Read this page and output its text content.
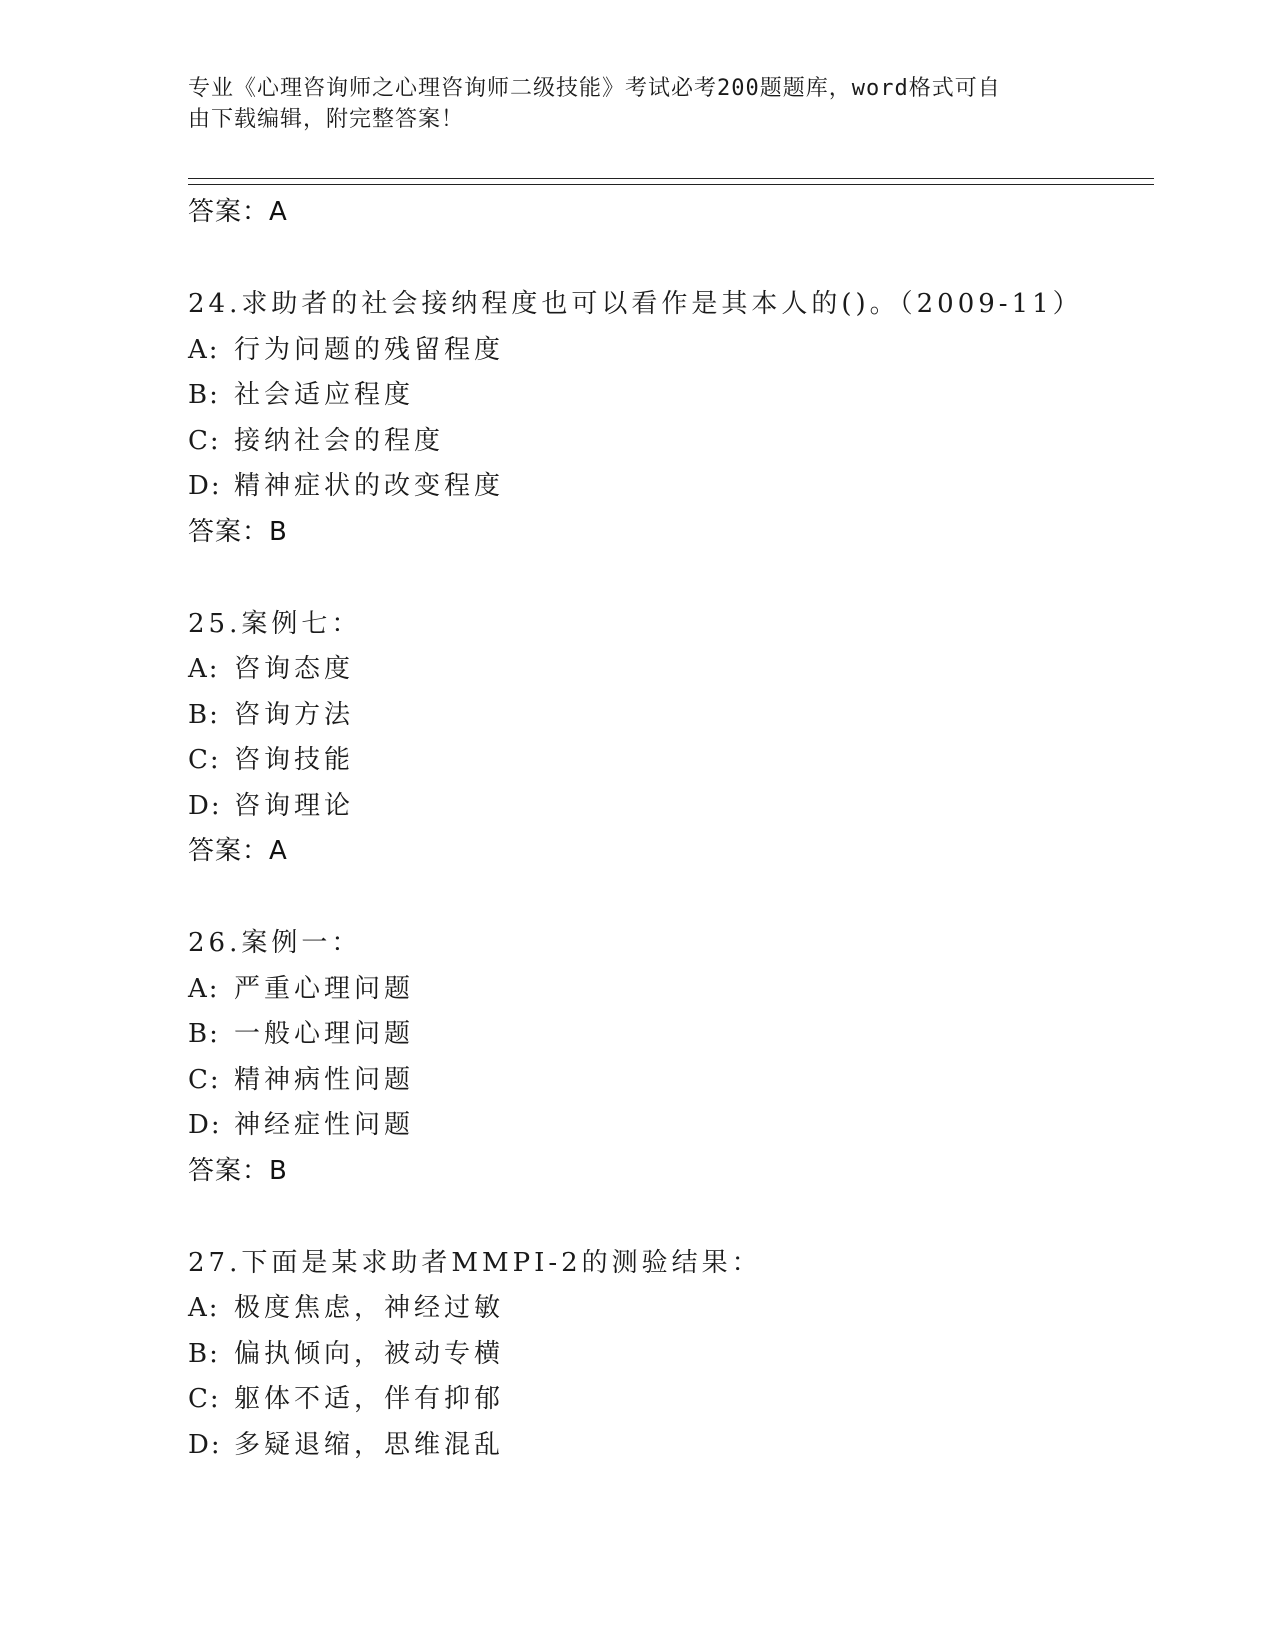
专业《心理咨询师之心理咨询师二级技能》考试必考200题题库，word格式可自
由下载编辑，附完整答案！
答案：A
24.求助者的社会接纳程度也可以看作是其本人的()。（2009-11）
A: 行为问题的残留程度
B: 社会适应程度
C: 接纳社会的程度
D: 精神症状的改变程度
答案：B
25.案例七：
A: 咨询态度
B: 咨询方法
C: 咨询技能
D: 咨询理论
答案：A
26.案例一：
A: 严重心理问题
B: 一般心理问题
C: 精神病性问题
D: 神经症性问题
答案：B
27.下面是某求助者MMPI-2的测验结果：
A: 极度焦虑，神经过敏
B: 偏执倾向，被动专横
C: 躯体不适，伴有抑郁
D: 多疑退缩，思维混乱
